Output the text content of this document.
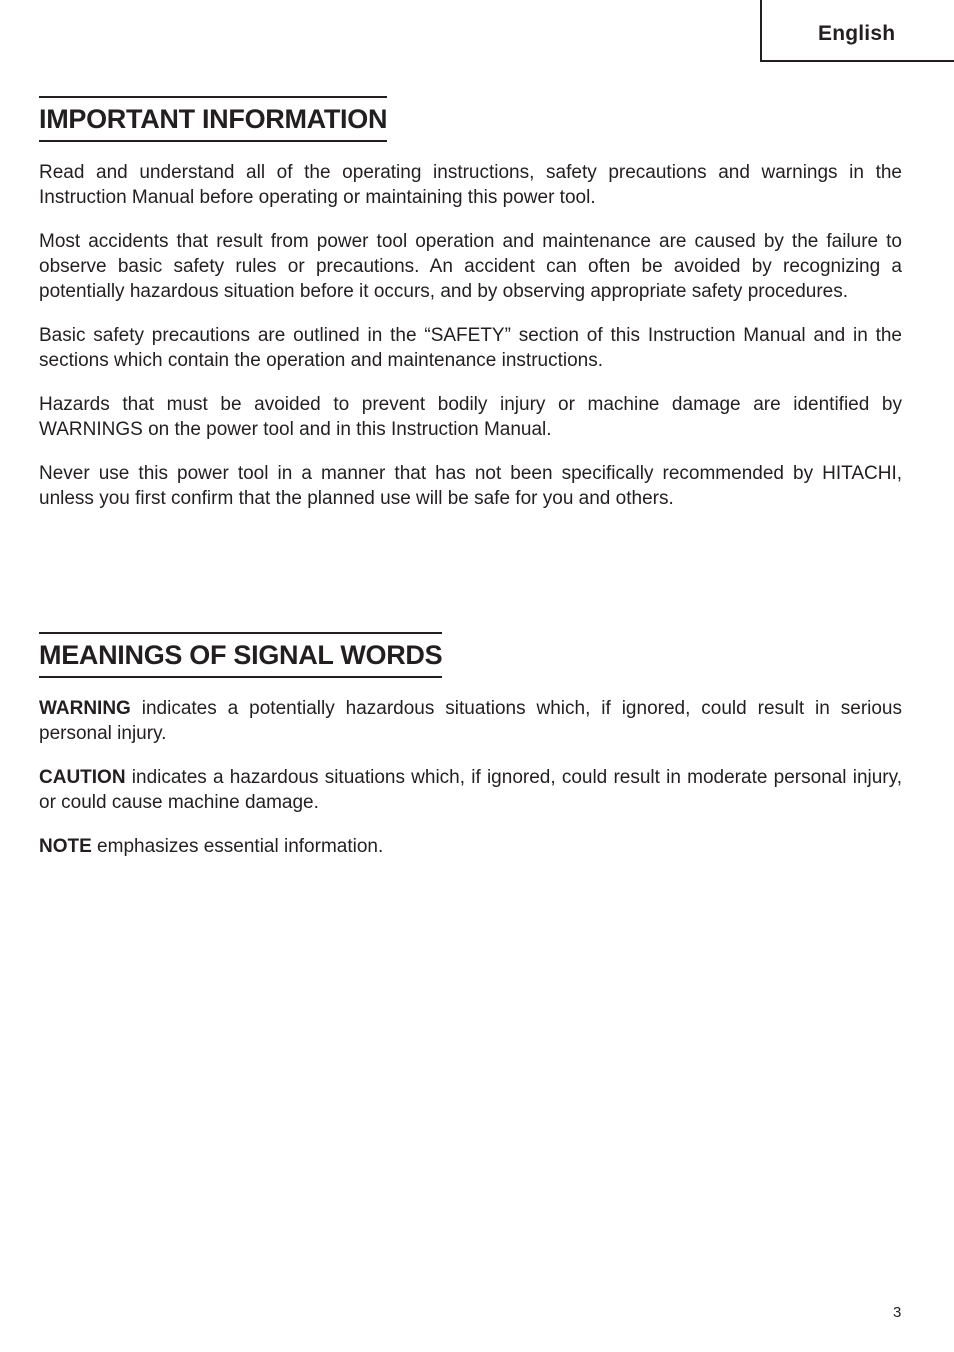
English
IMPORTANT INFORMATION

Read and understand all of the operating instructions, safety precautions and warnings in the Instruction Manual before operating or maintaining this power tool.

Most accidents that result from power tool operation and maintenance are caused by the failure to observe basic safety rules or precautions. An accident can often be avoided by recognizing a potentially hazardous situation before it occurs, and by observing appropriate safety procedures.

Basic safety precautions are outlined in the “SAFETY” section of this Instruction Manual and in the sections which contain the operation and maintenance instructions.

Hazards that must be avoided to prevent bodily injury or machine damage are identified by WARNINGS on the power tool and in this Instruction Manual.

Never use this power tool in a manner that has not been specifically recommended by HITACHI, unless you first confirm that the planned use will be safe for you and others.

MEANINGS OF SIGNAL WORDS

WARNING indicates a potentially hazardous situations which, if ignored, could result in serious personal injury.

CAUTION indicates a hazardous situations which, if ignored, could result in moderate personal injury, or could cause machine damage.

NOTE emphasizes essential information.

3
